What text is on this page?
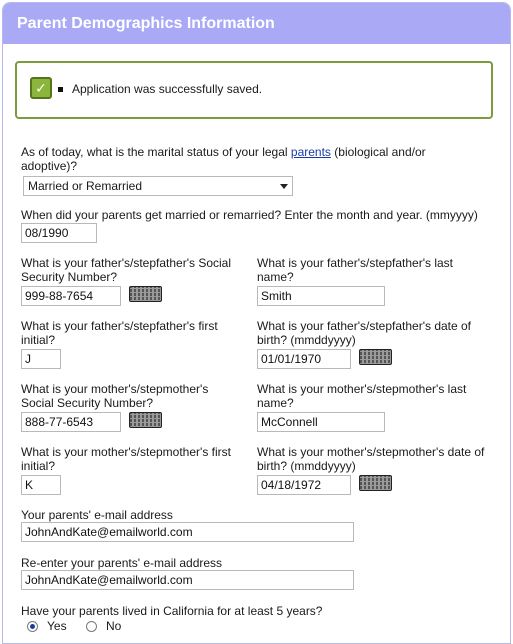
Parent Demographics Information
✓	Application was successfully saved.
As of today, what is the marital status of your legal parents (biological and/or adoptive)?
Married or Remarried
When did your parents get married or remarried? Enter the month and year. (mmyyyy)
08/1990
What is your father's/stepfather's Social Security Number?
999-88-7654
What is your father's/stepfather's last name?
Smith
What is your father's/stepfather's first initial?
J
What is your father's/stepfather's date of birth? (mmddyyyy)
01/01/1970
What is your mother's/stepmother's Social Security Number?
888-77-6543
What is your mother's/stepmother's last name?
McConnell
What is your mother's/stepmother's first initial?
K
What is your mother's/stepmother's date of birth? (mmddyyyy)
04/18/1972
Your parents' e-mail address
JohnAndKate@emailworld.com
Re-enter your parents' e-mail address
JohnAndKate@emailworld.com
Have your parents lived in California for at least 5 years?
Yes	No
